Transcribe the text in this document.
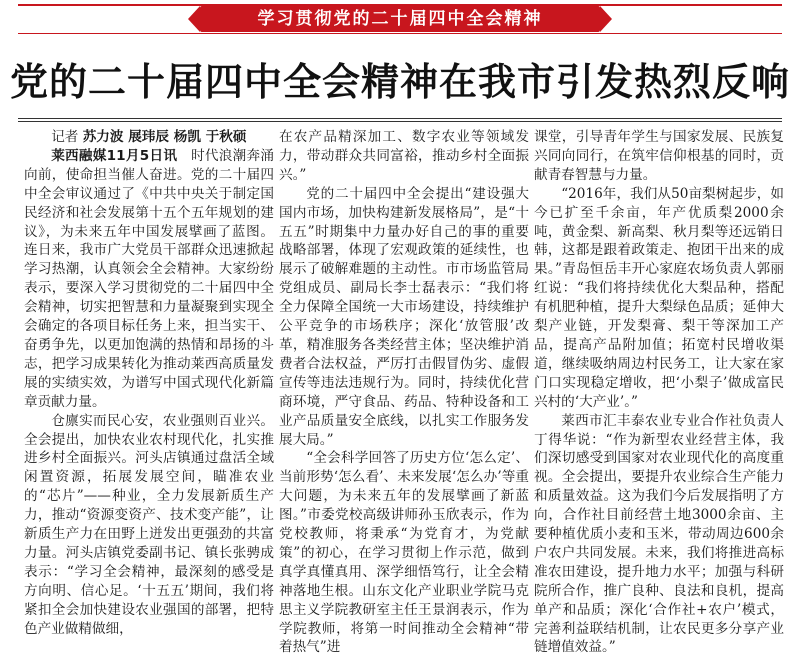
学习贯彻党的二十届四中全会精神
党的二十届四中全会精神在我市引发热烈反响

记者 苏力波 展玮辰 杨凯 于秋硕

莱西融媒11月5日讯　 时代浪潮奔涌向前，使命担当催人奋进。党的二十届四中全会审议通过了《中共中央关于制定国民经济和社会发展第十五个五年规划的建议》，为未来五年中国发展擘画了蓝图。连日来，我市广大党员干部群众迅速掀起学习热潮，认真领会全会精神。大家纷纷表示，要深入学习贯彻党的二十届四中全会精神，切实把智慧和力量凝聚到实现全会确定的各项目标任务上来，担当实干、奋勇争先，以更加饱满的热情和昂扬的斗志，把学习成果转化为推动莱西高质量发展的实绩实效，为谱写中国式现代化新篇章贡献力量。

仓廪实而民心安，农业强则百业兴。全会提出，加快农业农村现代化，扎实推进乡村全面振兴。河头店镇通过盘活全域闲置资源，拓展发展空间，瞄准农业的“芯片”——种业，全力发展新质生产力，推动“资源变资产、技术变产能”，让新质生产力在田野上迸发出更强劲的共富力量。河头店镇党委副书记、镇长张骋成表示：“学习全会精神，最深刻的感受是方向明、信心足。‘十五五’期间，我们将紧扣全会加快建设农业强国的部署，把特色产业做精做细，

在农产品精深加工、数字农业等领域发力，带动群众共同富裕，推动乡村全面振兴。”

党的二十届四中全会提出“建设强大国内市场，加快构建新发展格局”，是“十五五”时期集中力量办好自己的事的重要战略部署，体现了宏观政策的延续性，也展示了破解难题的主动性。市市场监管局党组成员、副局长李士磊表示：“我们将全力保障全国统一大市场建设，持续维护公平竞争的市场秩序；深化‘放管服’改革，精准服务各类经营主体；坚决维护消费者合法权益，严厉打击假冒伪劣、虚假宣传等违法违规行为。同时，持续优化营商环境，严守食品、药品、特种设备和工业产品质量安全底线，以扎实工作服务发展大局。”

“全会科学回答了历史方位‘怎么定’、当前形势‘怎么看’、未来发展‘怎么办’等重大问题，为未来五年的发展擘画了新蓝图。”市委党校高级讲师孙玉欣表示，作为党校教师，将秉承“为党育才，为党献策”的初心，在学习贯彻上作示范，做到真学真懂真用、深学细悟笃行，让全会精神落地生根。山东文化产业职业学院马克思主义学院教研室主任王景润表示，作为学院教师，将第一时间推动全会精神“带着热气”进

课堂，引导青年学生与国家发展、民族复兴同向同行，在筑牢信仰根基的同时，贡献青春智慧与力量。

“2016年，我们从50亩梨树起步，如今已扩至千余亩，年产优质梨2000余吨，黄金梨、新高梨、秋月梨等还远销日韩，这都是跟着政策走、抱团干出来的成果。”青岛恒岳丰开心家庭农场负责人郭丽红说：“我们将持续优化大梨品种，搭配有机肥种植，提升大梨绿色品质；延伸大梨产业链，开发梨膏、梨干等深加工产品，提高产品附加值；拓宽村民增收渠道，继续吸纳周边村民务工，让大家在家门口实现稳定增收，把‘小梨子’做成富民兴村的‘大产业’。”

莱西市汇丰泰农业专业合作社负责人丁得华说：“作为新型农业经营主体，我们深切感受到国家对农业现代化的高度重视。全会提出，要提升农业综合生产能力和质量效益。这为我们今后发展指明了方向，合作社目前经营土地3000余亩、主要种植优质小麦和玉米，带动周边600余户农户共同发展。未来，我们将推进高标准农田建设，提升地力水平；加强与科研院所合作，推广良种、良法和良机，提高单产和品质；深化‘合作社+农户’模式，完善利益联结机制，让农民更多分享产业链增值效益。”
